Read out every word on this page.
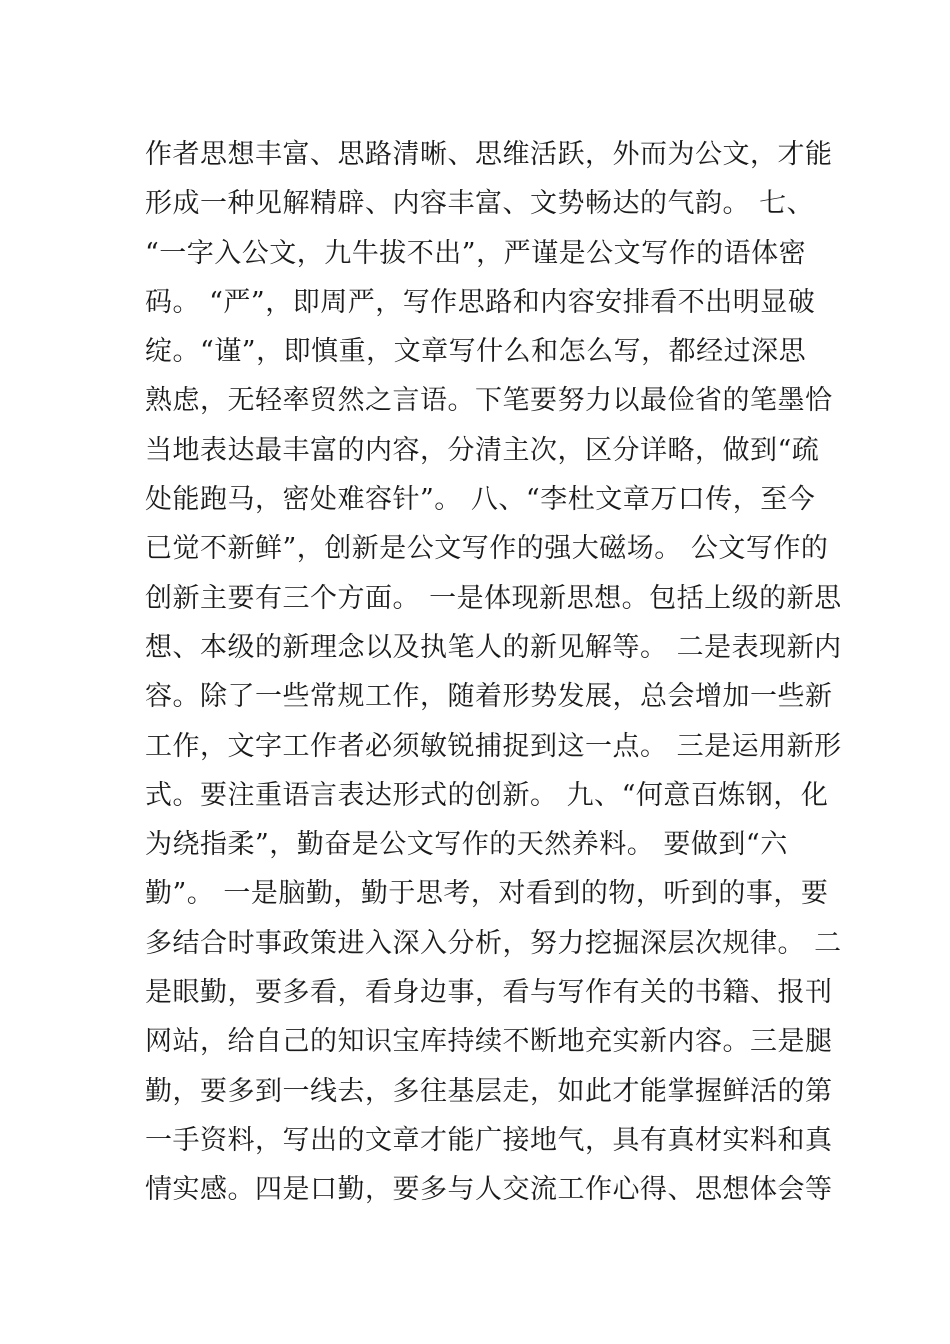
作者思想丰富、思路清晰、思维活跃，外而为公文，才能
形成一种见解精辟、内容丰富、文势畅达的气韵。 七、
“一字入公文，九牛拔不出”，严谨是公文写作的语体密
码。 “严”，即周严，写作思路和内容安排看不出明显破
绽。“谨”，即慎重，文章写什么和怎么写，都经过深思
熟虑，无轻率贸然之言语。下笔要努力以最俭省的笔墨恰
当地表达最丰富的内容，分清主次，区分详略，做到“疏
处能跑马，密处难容针”。 八、“李杜文章万口传，至今
已觉不新鲜”，创新是公文写作的强大磁场。 公文写作的
创新主要有三个方面。 一是体现新思想。包括上级的新思
想、本级的新理念以及执笔人的新见解等。 二是表现新内
容。除了一些常规工作，随着形势发展，总会增加一些新
工作，文字工作者必须敏锐捕捉到这一点。 三是运用新形
式。要注重语言表达形式的创新。 九、“何意百炼钢，化
为绕指柔”，勤奋是公文写作的天然养料。 要做到“六
勤”。 一是脑勤，勤于思考，对看到的物，听到的事，要
多结合时事政策进入深入分析，努力挖掘深层次规律。 二
是眼勤，要多看，看身边事，看与写作有关的书籍、报刊
网站，给自己的知识宝库持续不断地充实新内容。三是腿
勤，要多到一线去，多往基层走，如此才能掌握鲜活的第
一手资料，写出的文章才能广接地气，具有真材实料和真
情实感。四是口勤，要多与人交流工作心得、思想体会等
